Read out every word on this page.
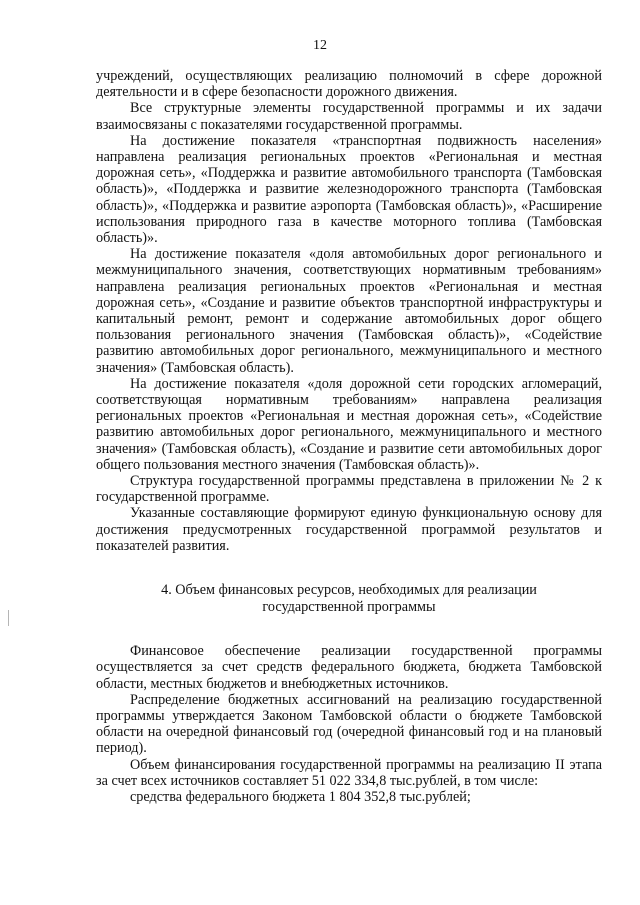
12

учреждений, осуществляющих реализацию полномочий в сфере дорожной деятельности и в сфере безопасности дорожного движения.

Все структурные элементы государственной программы и их задачи взаимосвязаны с показателями государственной программы.

На достижение показателя «транспортная подвижность населения» направлена реализация региональных проектов «Региональная и местная дорожная сеть», «Поддержка и развитие автомобильного транспорта (Тамбовская область)», «Поддержка и развитие железнодорожного транспорта (Тамбовская область)», «Поддержка и развитие аэропорта (Тамбовская область)», «Расширение использования природного газа в качестве моторного топлива (Тамбовская область)».

На достижение показателя «доля автомобильных дорог регионального и межмуниципального значения, соответствующих нормативным требованиям» направлена реализация региональных проектов «Региональная и местная дорожная сеть», «Создание и развитие объектов транспортной инфраструктуры и капитальный ремонт, ремонт и содержание автомобильных дорог общего пользования регионального значения (Тамбовская область)», «Содействие развитию автомобильных дорог регионального, межмуниципального и местного значения» (Тамбовская область).

На достижение показателя «доля дорожной сети городских агломераций, соответствующая нормативным требованиям» направлена реализация региональных проектов «Региональная и местная дорожная сеть», «Содействие развитию автомобильных дорог регионального, межмуниципального и местного значения» (Тамбовская область), «Создание и развитие сети автомобильных дорог общего пользования местного значения (Тамбовская область)».

Структура государственной программы представлена в приложении № 2 к государственной программе.

Указанные составляющие формируют единую функциональную основу для достижения предусмотренных государственной программой результатов и показателей развития.

4. Объем финансовых ресурсов, необходимых для реализации
государственной программы

Финансовое обеспечение реализации государственной программы осуществляется за счет средств федерального бюджета, бюджета Тамбовской области, местных бюджетов и внебюджетных источников.

Распределение бюджетных ассигнований на реализацию государственной программы утверждается Законом Тамбовской области о бюджете Тамбовской области на очередной финансовый год (очередной финансовый год и на плановый период).

Объем финансирования государственной программы на реализацию II этапа за счет всех источников составляет 51 022 334,8 тыс.рублей, в том числе:

средства федерального бюджета 1 804 352,8 тыс.рублей;
